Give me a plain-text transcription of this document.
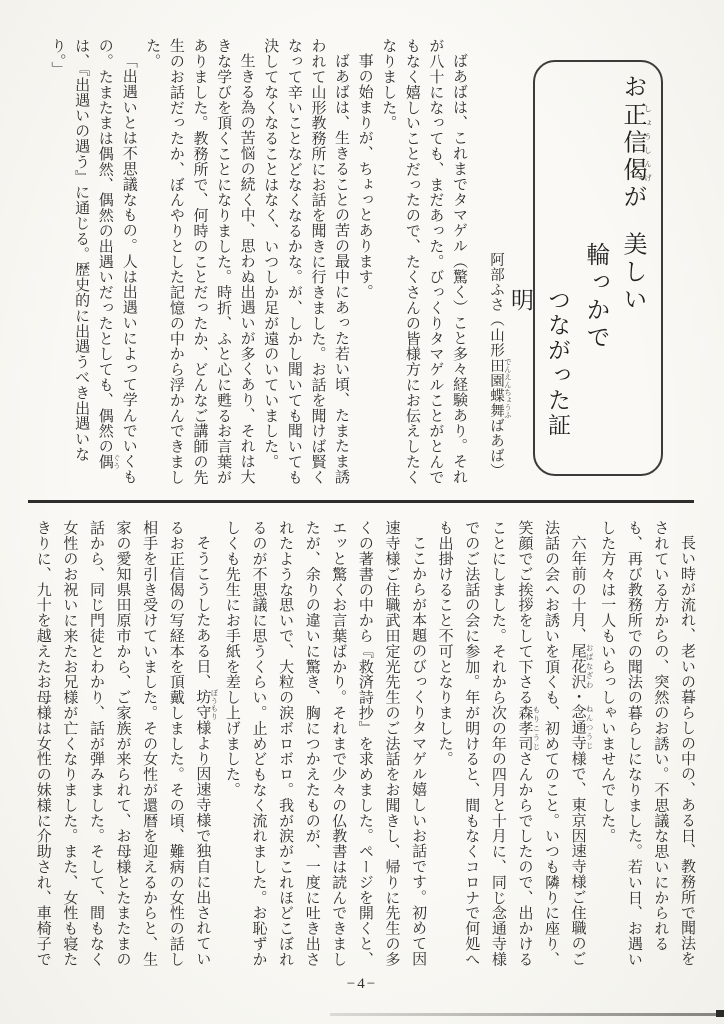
お正信偈しょうしんげが美しい
輪っかで
つながった証明
阿部ふさ（山形田園蝶舞 でんえんちょうふばあば）

ばあばは、これまでタマゲル（驚く）こと多々経験あり。それが八十になっても、まだあった。びっくりタマゲルことがとんでもなく嬉しいことだったので、たくさんの皆様方にお伝えしたくなりました。

事の始まりが、ちょっとあります。

ばあばは、生きることの苦の最中にあった若い頃、たまたま誘われて山形教務所にお話を聞きに行きました。お話を聞けば賢くなって辛いことなどなくなるかな。が、しかし聞いても聞いても決してなくなることはなく、いつしか足が遠のいていました。

生きる為の苦悩の続く中、思わぬ出遇いが多くあり、それは大きな学びを頂くことになりました。時折、ふと心に甦るお言葉がありました。教務所で、何時のことだったか、どんなご講師の先生のお話だったか、ぼんやりとした記憶の中から浮かんできました。

「出遇いとは不思議なもの。人は出遇いによって学んでいくもの。たまたまは偶然、偶然の出遇いだったとしても、偶然の偶 ぐうは、『出遇いの遇う』に通じる。歴史的に出遇うべき出遇いなり。」

長い時が流れ、老いの暮らしの中の、ある日、教務所で聞法をされている方からの、突然のお誘い。不思議な思いにかられるも、再び教務所での聞法の暮らしになりました。若い日、お遇いした方々は一人もいらっしゃいませんでした。

六年前の十月、尾花沢 おばなざわ・念通寺 ねんつうじ様で、東京因速寺様ご住職のご法話の会へお誘いを頂くも、初めてのこと。いつも隣りに座り、笑顔でご挨拶をして下さる森孝司 もりこうじさんからでしたので、出かけることにしました。それから次の年の四月と十月に、同じ念通寺様でのご法話の会に参加。年が明けると、間もなくコロナで何処へも出掛けること不可となりました。

ここからが本題のびっくりタマゲル嬉しいお話です。初めて因速寺様ご住職武田定光先生のご法話をお聞きし、帰りに先生の多くの著書の中から『救済詩抄』を求めました。ページを開くと、エッと驚くお言葉ばかり。それまで少々の仏教書は読んできましたが、余りの違いに驚き、胸につかえたものが、一度に吐き出されたような思いで、大粒の涙ボロボロ。我が涙がこれほどこぼれるのが不思議に思うくらい。止めどもなく流れました。お恥ずかしくも先生にお手紙を差し上げました。

そうこうしたある日、坊守 ぼうもり様より因速寺様で独自に出されているお正信偈の写経本を頂戴しました。その頃、難病の女性の話し相手を引き受けていました。その女性が還暦を迎えるからと、生家の愛知県田原市から、ご家族が来られて、お母様とたまたまの話から、同じ門徒とわかり、話が弾みました。そして、間もなく女性のお祝いに来たお兄様が亡くなりました。また、女性も寝たきりに、九十を越えたお母様は女性の妹様に介助され、車椅子で

−4−
